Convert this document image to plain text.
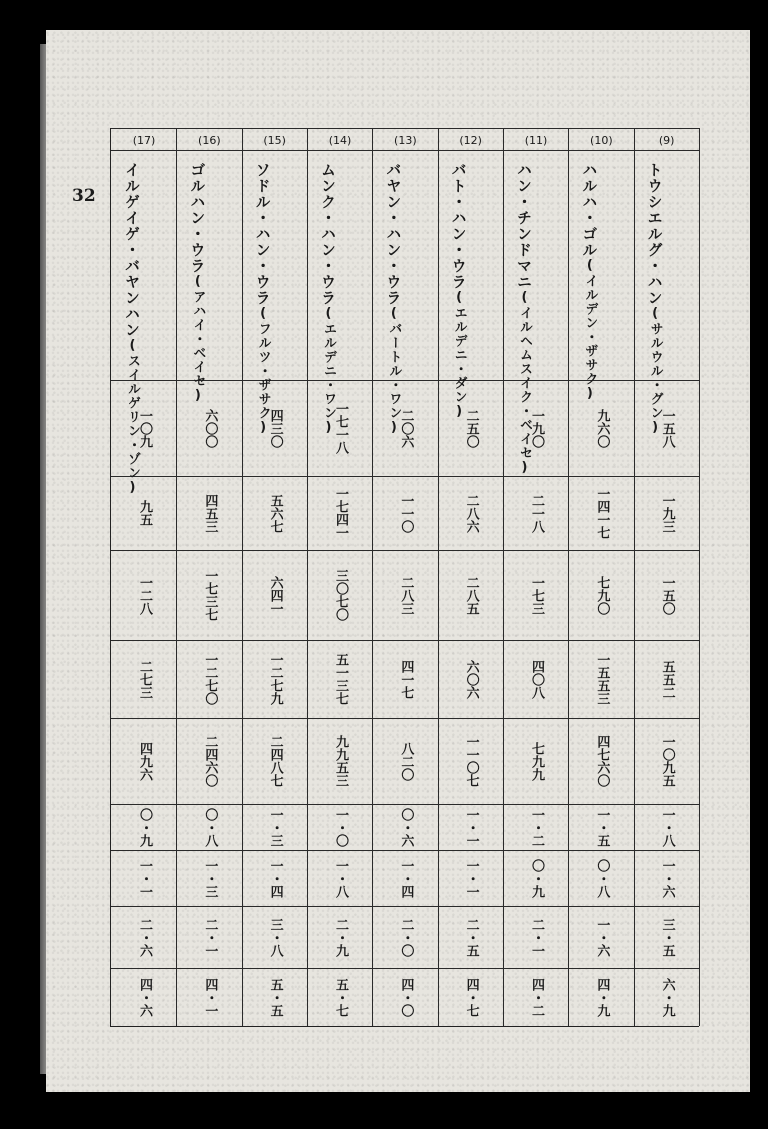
32
(9)
トウシエルグ・ハン(サルウル・グン)
一五八
一九三
一五〇
五五二
一〇九五
一・八
一・六
三・五
六・九
(10)
ハルハ・ゴル(イルデン・ザサク)
九六〇
一四一七
七九〇
一五五三
四七六〇
一・五
〇・八
一・六
四・九
(11)
ハン・チンドマニ(イルヘムスイク・ベイセ)
一九〇
二一八
一七三
四〇八
七九九
一・二
〇・九
二・一
四・二
(12)
バト・ハン・ウラ(エルデニ・ダン)
二五〇
二八六
二八五
六〇六
一一〇七
一・一
一・一
二・五
四・七
(13)
バヤン・ハン・ウラ(バートル・ワン)
二〇六
一一〇
二八三
四一七
八二〇
〇・六
一・四
二・〇
四・〇
(14)
ムンク・ハン・ウラ(エルデニ・ワン)
一七一八
一七四一
三〇七〇
五一三七
九九五三
一・〇
一・八
二・九
五・七
(15)
ソドル・ハン・ウラ(フルツ・ザサク)
四三〇
五六七
六四一
一二七九
二四八七
一・三
一・四
三・八
五・五
(16)
ゴルハン・ウラ(アハイ・ベイセ)
六〇〇
四五三
一七三七
一二七〇
二四六〇
〇・八
一・三
二・一
四・一
(17)
イルゲイゲ・バヤンハン(スイルゲリン・ゾン)
一〇九
九五
一二八
二七三
四九六
〇・九
一・一
二・六
四・六
